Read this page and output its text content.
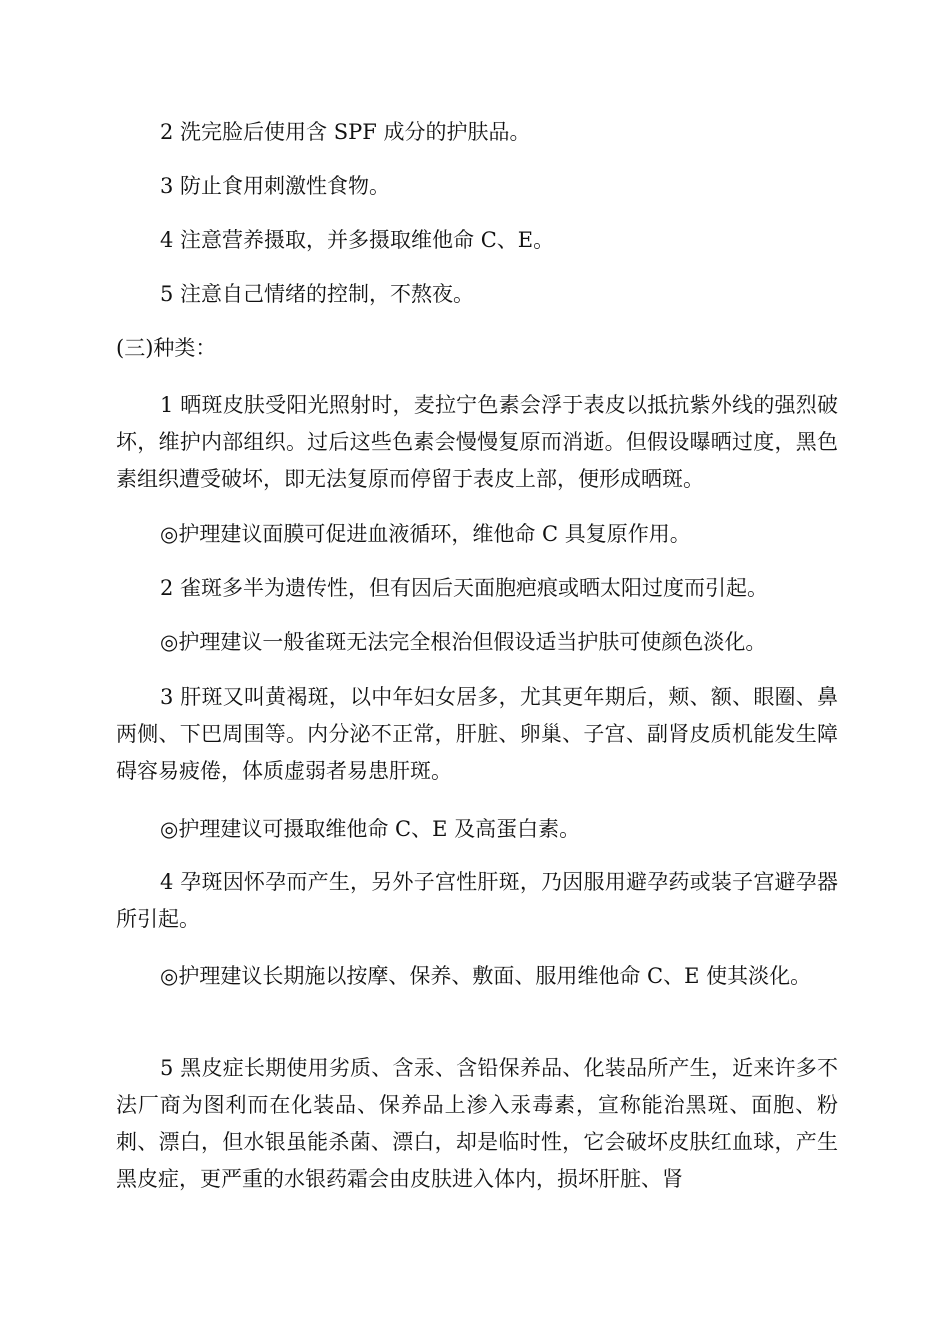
2 洗完脸后使用含 SPF 成分的护肤品。

3 防止食用刺激性食物。

4 注意营养摄取，并多摄取维他命 C、E。

5 注意自己情绪的控制，不熬夜。

(三)种类：

1 晒斑皮肤受阳光照射时，麦拉宁色素会浮于表皮以抵抗紫外线的强烈破坏，维护内部组织。过后这些色素会慢慢复原而消逝。但假设曝晒过度，黑色素组织遭受破坏，即无法复原而停留于表皮上部，便形成晒斑。

◎护理建议面膜可促进血液循环，维他命 C 具复原作用。

2 雀斑多半为遗传性，但有因后天面胞疤痕或晒太阳过度而引起。

◎护理建议一般雀斑无法完全根治但假设适当护肤可使颜色淡化。

3 肝斑又叫黄褐斑，以中年妇女居多，尤其更年期后，颊、额、眼圈、鼻两侧、下巴周围等。内分泌不正常，肝脏、卵巢、子宫、副肾皮质机能发生障碍容易疲倦，体质虚弱者易患肝斑。

◎护理建议可摄取维他命 C、E 及高蛋白素。

4 孕斑因怀孕而产生，另外子宫性肝斑，乃因服用避孕药或装子宫避孕器所引起。

◎护理建议长期施以按摩、保养、敷面、服用维他命 C、E 使其淡化。

5 黑皮症长期使用劣质、含汞、含铅保养品、化装品所产生，近来许多不法厂商为图利而在化装品、保养品上渗入汞毒素，宣称能治黑斑、面胞、粉刺、漂白，但水银虽能杀菌、漂白，却是临时性，它会破坏皮肤红血球，产生黑皮症，更严重的水银药霜会由皮肤进入体内，损坏肝脏、肾
